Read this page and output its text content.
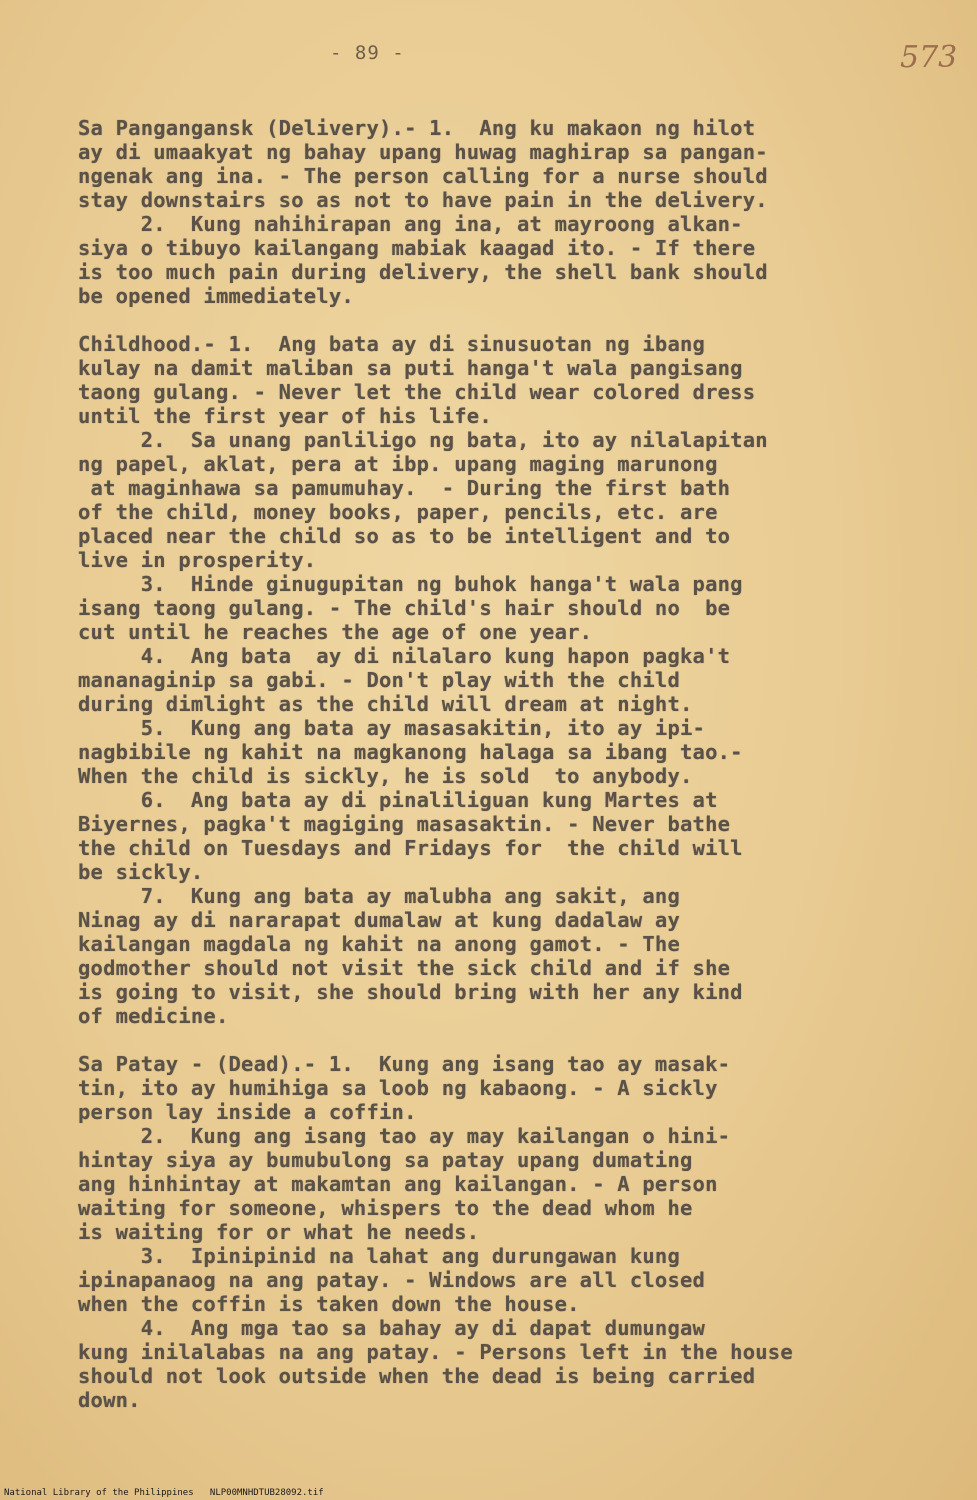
- 89 -	573
Sa Pangangansk (Delivery).- 1.  Ang ku makaon ng hilot
ay di umaakyat ng bahay upang huwag maghirap sa pangan-
ngenak ang ina. - The person calling for a nurse should
stay downstairs so as not to have pain in the delivery.
2.  Kung nahihirapan ang ina, at mayroong alkan-
siya o tibuyo kailangang mabiak kaagad ito. - If there
is too much pain during delivery, the shell bank should
be opened immediately.
Childhood.- 1.  Ang bata ay di sinusuotan ng ibang
kulay na damit maliban sa puti hanga't wala pangisang
taong gulang. - Never let the child wear colored dress
until the first year of his life.
2.  Sa unang panliligo ng bata, ito ay nilalapitan
ng papel, aklat, pera at ibp. upang maging marunong
at maginhawa sa pamumuhay.  - During the first bath
of the child, money books, paper, pencils, etc. are
placed near the child so as to be intelligent and to
live in prosperity.
3.  Hinde ginugupitan ng buhok hanga't wala pang
isang taong gulang. - The child's hair should no  be
cut until he reaches the age of one year.
4.  Ang bata  ay di nilalaro kung hapon pagka't
mananaginip sa gabi. - Don't play with the child
during dimlight as the child will dream at night.
5.  Kung ang bata ay masasakitin, ito ay ipi-
nagbibile ng kahit na magkanong halaga sa ibang tao.-
When the child is sickly, he is sold  to anybody.
6.  Ang bata ay di pinaliliguan kung Martes at
Biyernes, pagka't magiging masasaktin. - Never bathe
the child on Tuesdays and Fridays for  the child will
be sickly.
7.  Kung ang bata ay malubha ang sakit, ang
Ninag ay di nararapat dumalaw at kung dadalaw ay
kailangan magdala ng kahit na anong gamot. - The
godmother should not visit the sick child and if she
is going to visit, she should bring with her any kind
of medicine.
Sa Patay - (Dead).- 1.  Kung ang isang tao ay masak-
tin, ito ay humihiga sa loob ng kabaong. - A sickly
person lay inside a coffin.
2.  Kung ang isang tao ay may kailangan o hini-
hintay siya ay bumubulong sa patay upang dumating
ang hinhintay at makamtan ang kailangan. - A person
waiting for someone, whispers to the dead whom he
is waiting for or what he needs.
3.  Ipinipinid na lahat ang durungawan kung
ipinapanaog na ang patay. - Windows are all closed
when the coffin is taken down the house.
4.  Ang mga tao sa bahay ay di dapat dumungaw
kung inilalabas na ang patay. - Persons left in the house
should not look outside when the dead is being carried
down.
National Library of the Philippines   NLP00MNHDTUB28092.tif
